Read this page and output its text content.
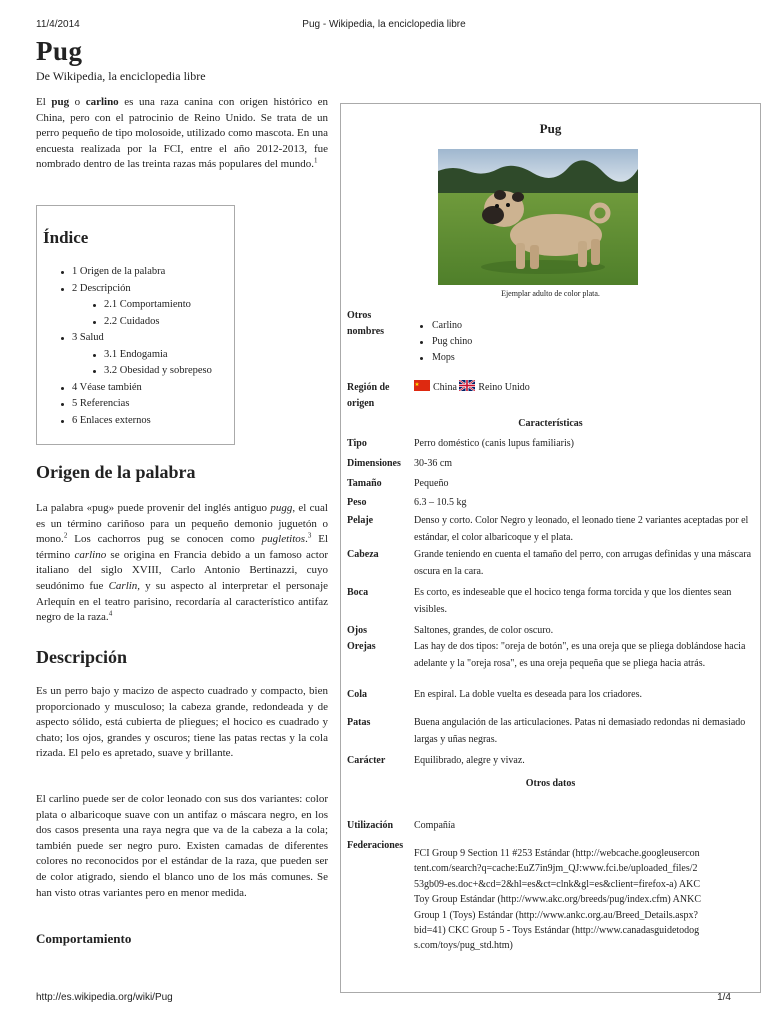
11/4/2014	Pug - Wikipedia, la enciclopedia libre
http://es.wikipedia.org/wiki/Pug	1/4
Pug
De Wikipedia, la enciclopedia libre
El pug o carlino es una raza canina con origen histórico en China, pero con el patrocinio de Reino Unido. Se trata de un perro pequeño de tipo molosoide, utilizado como mascota. En una encuesta realizada por la FCI, entre el año 2012-2013, fue nombrado dentro de las treinta razas más populares del mundo.$^1$
Índice
1 Origen de la palabra
2 Descripción
2.1 Comportamiento
2.2 Cuidados
3 Salud
3.1 Endogamia
3.2 Obesidad y sobrepeso
4 Véase también
5 Referencias
6 Enlaces externos
Origen de la palabra
La palabra «pug» puede provenir del inglés antiguo pugg, el cual es un término cariñoso para un pequeño demonio juguetón o mono.$^2$ Los cachorros pug se conocen como pugletitos.$^3$ El término carlino se origina en Francia debido a un famoso actor italiano del siglo XVIII, Carlo Antonio Bertinazzi, cuyo seudónimo fue Carlin, y su aspecto al interpretar el personaje Arlequín en el teatro parisino, recordaría al característico antifaz negro de la raza.$^4$
Descripción
Es un perro bajo y macizo de aspecto cuadrado y compacto, bien proporcionado y musculoso; la cabeza grande, redondeada y de aspecto sólido, está cubierta de pliegues; el hocico es cuadrado y chato; los ojos, grandes y oscuros; tiene las patas rectas y la cola rizada. El pelo es apretado, suave y brillante.
El carlino puede ser de color leonado con sus dos variantes: color plata o albaricoque suave con un antifaz o máscara negro, en los dos casos presenta una raya negra que va de la cabeza a la cola; también puede ser negro puro. Existen camadas de diferentes colores no reconocidos por el estándar de la raza, que pueden ser de color atigrado, siendo el blanco uno de los más comunes. Se han visto otras variantes pero en menor medida.
Comportamiento
Pug
Ejemplar adulto de color plata.
Otros nombres
Carlino
Pug chino
Mops
Región de origen
China Reino Unido
Características
Tipo	Perro doméstico (canis lupus familiaris)
Dimensiones 30-36 cm
Tamaño	Pequeño
Peso	6.3 – 10.5 kg
Pelaje	Denso y corto. Color Negro y leonado, el leonado tiene 2 variantes aceptadas por el estándar, el color albaricoque y el plata.
Cabeza	Grande teniendo en cuenta el tamaño del perro, con arrugas definidas y una máscara oscura en la cara.
Boca	Es corto, es indeseable que el hocico tenga forma torcida y que los dientes sean visibles.
Ojos	Saltones, grandes, de color oscuro.
Orejas	Las hay de dos tipos: "oreja de botón", es una oreja que se pliega doblándose hacia adelante y la "oreja rosa", es una oreja pequeña que se pliega hacia atrás.
Cola	En espiral. La doble vuelta es deseada para los criadores.
Patas	Buena angulación de las articulaciones. Patas ni demasiado redondas ni demasiado largas y uñas negras.
Carácter	Equilibrado, alegre y vivaz.
Otros datos
Utilización Compañía
Federaciones
FCI Group 9 Section 11 #253 Estándar (http://webcache.googleusercontent.com/search?q=cache:EuZ7in9jm_QJ:www.fci.be/uploaded_files/253gb09-es.doc+&cd=2&hl=es&ct=clnk&gl=es&client=firefox-a) AKC Toy Group Estándar (http://www.akc.org/breeds/pug/index.cfm) ANKC Group 1 (Toys) Estándar (http://www.ankc.org.au/Breed_Details.aspx?bid=41) CKC Group 5 - Toys Estándar (http://www.canadasguidetodogs.com/toys/pug_std.htm)
